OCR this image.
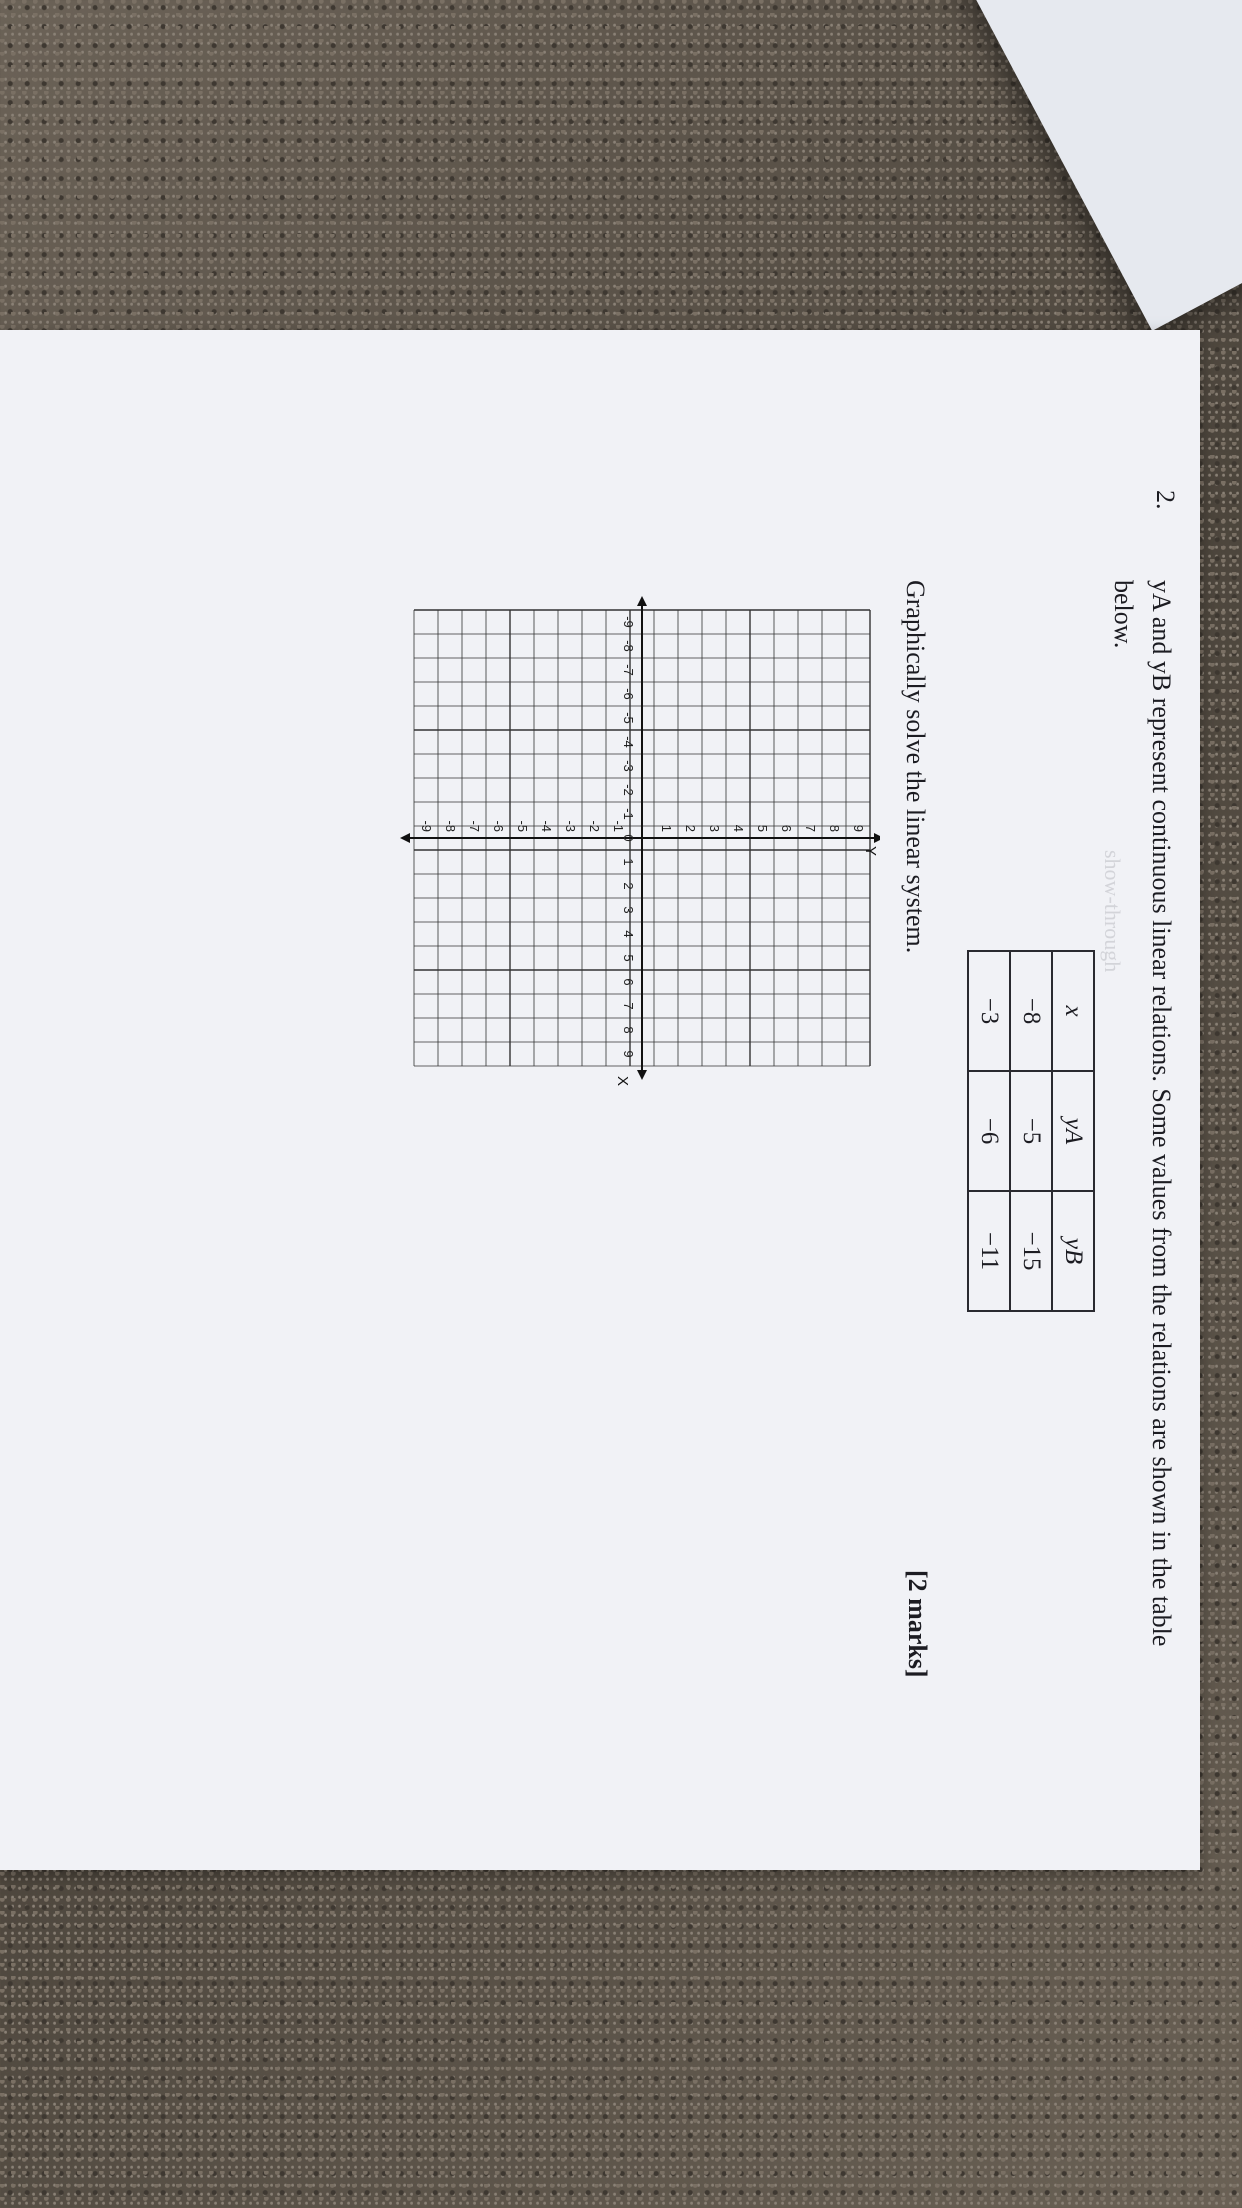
show-through
2.
yA and yB represent continuous linear relations. Some values from the relations are shown in the table below.
x	yA	yB
−8	−5	−15
−3	−6	−11
Graphically solve the linear system.
[2 marks]
-9
-8
-7
-6
-5
-4
-3
-2
-1
0
1
2
3
4
5
6
7
8
9
9
8
7
6
5
4
3
2
1
-1
-2
-3
-4
-5
-6
-7
-8
-9
X
Y
